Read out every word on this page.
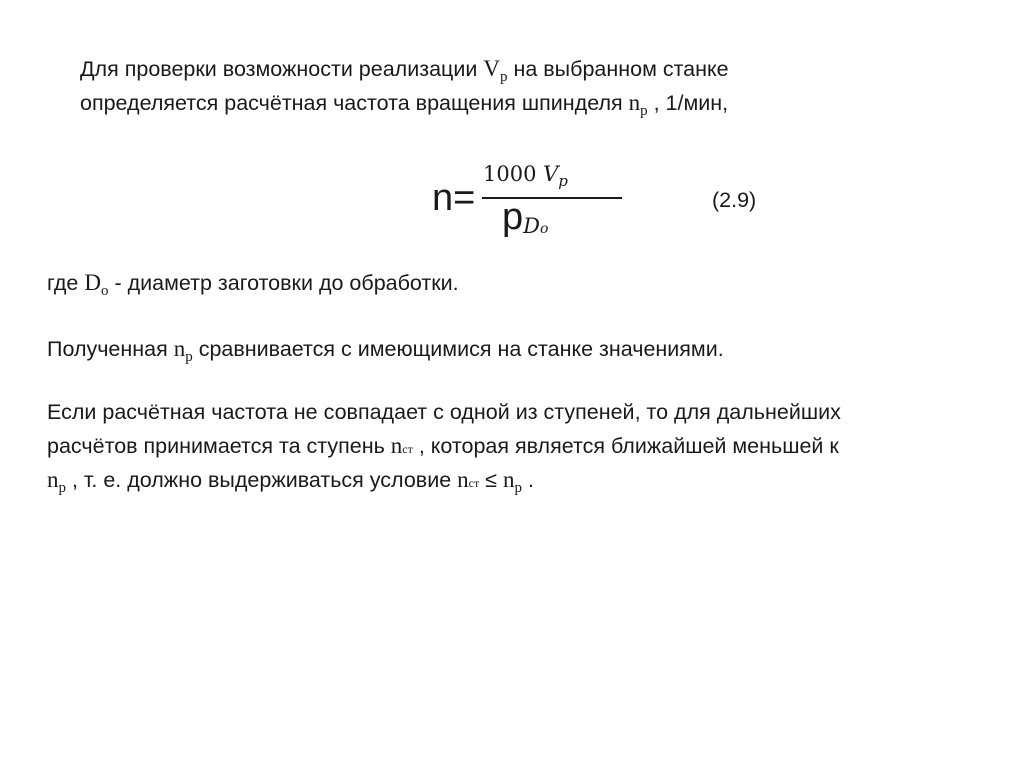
Для проверки возможности реализации $V_p$ на выбранном станке
определяется расчётная частота вращения шпинделя $n_p$ , 1/мин,
n=
1000 $V_p$
pDo
(2.9)
где $D_o$ - диаметр заготовки до обработки.
Полученная $n_p$ сравнивается с имеющимися на станке значениями.
Если расчётная частота не совпадает с одной из ступеней, то для дальнейших
расчётов принимается та ступень nст , которая является ближайшей меньшей к
$n_p$ , т. е. должно выдерживаться условие nст ≤ $n_p$ .
